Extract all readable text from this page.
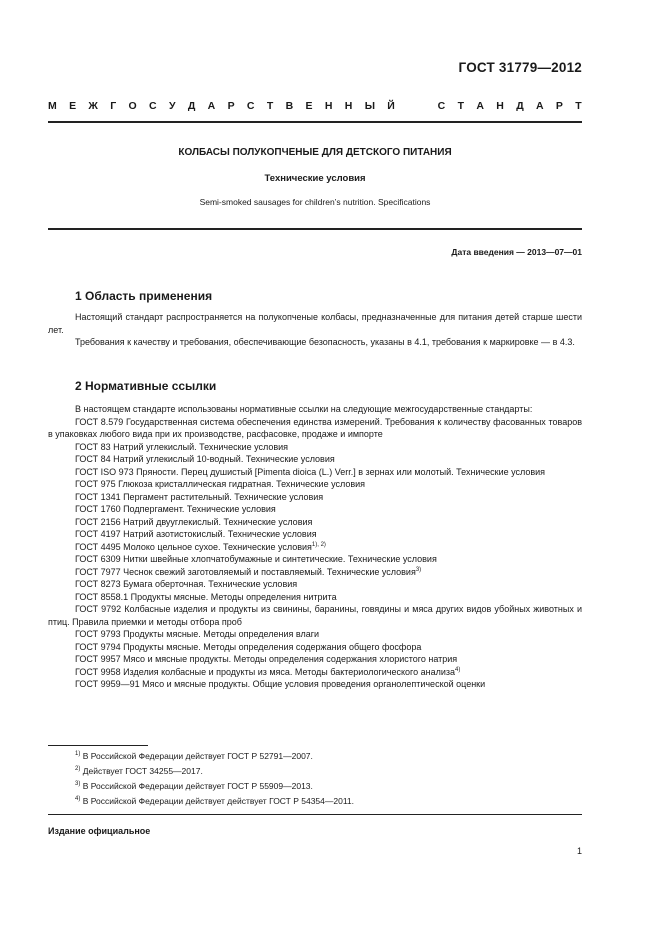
ГОСТ 31779—2012
М Е Ж Г О С У Д А Р С Т В Е Н Н Ы Й

	С Т А Н Д А Р Т
КОЛБАСЫ ПОЛУКОПЧЕНЫЕ ДЛЯ ДЕТСКОГО ПИТАНИЯ
Технические условия
Semi-smoked sausages for children’s nutrition. Specifications
Дата введения — 2013—07—01
1 Область применения

Настоящий стандарт распространяется на полукопченые колбасы, предназначенные для питания детей старше шести лет.

Требования к качеству и требования, обеспечивающие безопасность, указаны в 4.1, требования к маркировке — в 4.3.

2 Нормативные ссылки

В настоящем стандарте использованы нормативные ссылки на следующие межгосударственные стандарты:

ГОСТ 8.579 Государственная система обеспечения единства измерений. Требования к количеству фасованных товаров в упаковках любого вида при их производстве, расфасовке, продаже и импорте

ГОСТ 83 Натрий углекислый. Технические условия

ГОСТ 84 Натрий углекислый 10-водный. Технические условия

ГОСТ ISO 973 Пряности. Перец душистый [Pimenta dioica (L.) Verr.] в зернах или молотый. Технические условия

ГОСТ 975 Глюкоза кристаллическая гидратная. Технические условия

ГОСТ 1341 Пергамент растительный. Технические условия

ГОСТ 1760 Подпергамент. Технические условия

ГОСТ 2156 Натрий двууглекислый. Технические условия

ГОСТ 4197 Натрий азотистокислый. Технические условия

ГОСТ 4495 Молоко цельное сухое. Технические условия$^{1), 2)}$

ГОСТ 6309 Нитки швейные хлопчатобумажные и синтетические. Технические условия

ГОСТ 7977 Чеснок свежий заготовляемый и поставляемый. Технические условия$^{3)}$

ГОСТ 8273 Бумага оберточная. Технические условия

ГОСТ 8558.1 Продукты мясные. Методы определения нитрита

ГОСТ 9792 Колбасные изделия и продукты из свинины, баранины, говядины и мяса других видов убойных животных и птиц. Правила приемки и методы отбора проб

ГОСТ 9793 Продукты мясные. Методы определения влаги

ГОСТ 9794 Продукты мясные. Методы определения содержания общего фосфора

ГОСТ 9957 Мясо и мясные продукты. Методы определения содержания хлористого натрия

ГОСТ 9958 Изделия колбасные и продукты из мяса. Методы бактериологического анализа$^{4)}$

ГОСТ 9959—91 Мясо и мясные продукты. Общие условия проведения органолептической оценки

$^{1)}$ В Российской Федерации действует ГОСТ Р 52791—2007.

$^{2)}$ Действует ГОСТ 34255—2017.

$^{3)}$ В Российской Федерации действует ГОСТ Р 55909—2013.

$^{4)}$ В Российской Федерации действует действует ГОСТ Р 54354—2011.

Издание официальное
1
